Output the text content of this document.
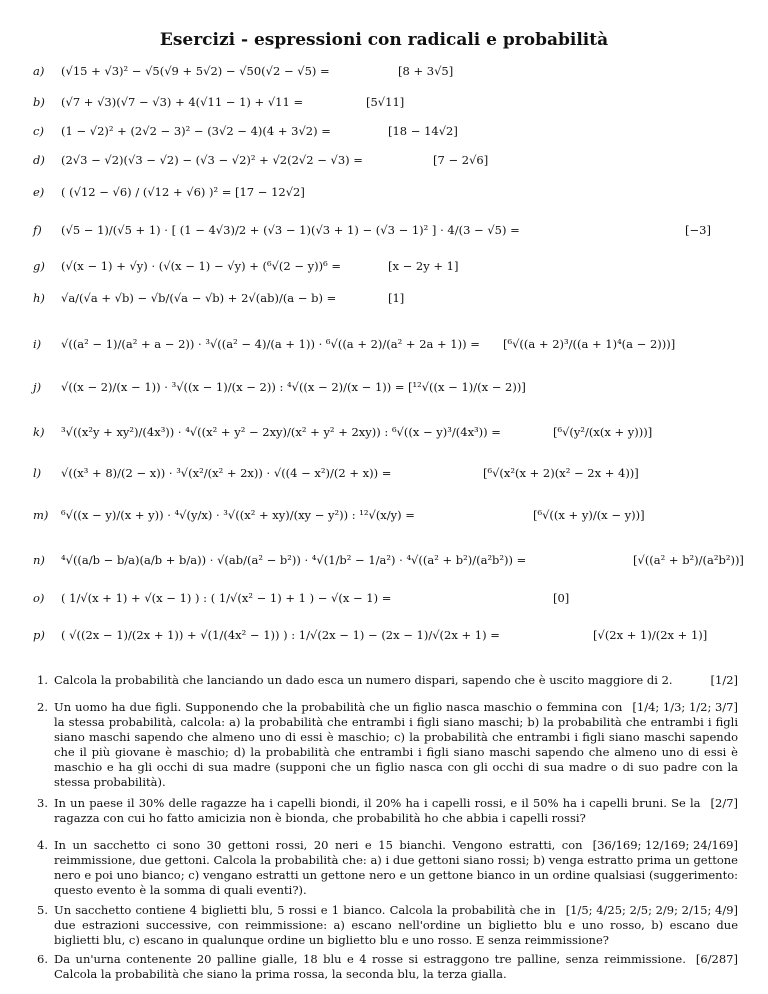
Esercizi - espressioni con radicali e probabilità
a) (√15 + √3)² − √5(√9 + 5√2) − √50(√2 − √5) =	[8 + 3√5]
b) (√7 + √3)(√7 − √3) + 4(√11 − 1) + √11 =	[5√11]
c) (1 − √2)² + (2√2 − 3)² − (3√2 − 4)(4 + 3√2) =	[18 − 14√2]
d) (2√3 − √2)(√3 − √2) − (√3 − √2)² + √2(2√2 − √3) =	[7 − 2√6]
e) ( (√12 − √6) / (√12 + √6) )² = [17 − 12√2]
f) (√5 − 1)/(√5 + 1) · [ (1 − 4√3)/2 + (√3 − 1)(√3 + 1) − (√3 − 1)² ] · 4/(3 − √5) =	[−3]
g) (√(x − 1) + √y) · (√(x − 1) − √y) + (⁶√(2 − y))⁶ =	[x − 2y + 1]
h) √a/(√a + √b) − √b/(√a − √b) + 2√(ab)/(a − b) =	[1]
i) √((a² − 1)/(a² + a − 2)) · ³√((a² − 4)/(a + 1)) · ⁶√((a + 2)/(a² + 2a + 1)) = [⁶√((a + 2)³/((a + 1)⁴(a − 2)))]
j) √((x − 2)/(x − 1)) · ³√((x − 1)/(x − 2)) : ⁴√((x − 2)/(x − 1)) = [¹²√((x − 1)/(x − 2))]
k) ³√((x²y + xy²)/(4x³)) · ⁴√((x² + y² − 2xy)/(x² + y² + 2xy)) : ⁶√((x − y)³/(4x³)) =	[⁶√(y²/(x(x + y)))]
l) √((x³ + 8)/(2 − x)) · ³√(x²/(x² + 2x)) · √((4 − x²)/(2 + x)) =	[⁶√(x²(x + 2)(x² − 2x + 4))]
m) ⁶√((x − y)/(x + y)) · ⁴√(y/x) · ³√((x² + xy)/(xy − y²)) : ¹²√(x/y) =	[⁶√((x + y)/(x − y))]
n) ⁴√((a/b − b/a)(a/b + b/a)) · √(ab/(a² − b²)) · ⁴√(1/b² − 1/a²) · ⁴√((a² + b²)/(a²b²)) =	[√((a² + b²)/(a²b²))]
o) ( 1/√(x + 1) + √(x − 1) ) : ( 1/√(x² − 1) + 1 ) − √(x − 1) =	[0]
p) ( √((2x − 1)/(2x + 1)) + √(1/(4x² − 1)) ) : 1/√(2x − 1) − (2x − 1)/√(2x + 1) =	[√(2x + 1)/(2x + 1)]
1.	[1/2]
Calcola la probabilità che lanciando un dado esca un numero dispari, sapendo che è uscito maggiore di 2.
2.	[1/4; 1/3; 1/2; 3/7]
Un uomo ha due figli. Supponendo che la probabilità che un figlio nasca maschio o femmina con la stessa probabilità, calcola: a) la probabilità che entrambi i figli siano maschi; b) la probabilità che entrambi i figli siano maschi sapendo che almeno uno di essi è maschio; c) la probabilità che entrambi i figli siano maschi sapendo che il più giovane è maschio; d) la probabilità che entrambi i figli siano maschi sapendo che almeno uno di essi è maschio e ha gli occhi di sua madre (supponi che un figlio nasca con gli occhi di sua madre o di suo padre con la stessa probabilità).
3.	[2/7]
In un paese il 30% delle ragazze ha i capelli biondi, il 20% ha i capelli rossi, e il 50% ha i capelli bruni. Se la ragazza con cui ho fatto amicizia non è bionda, che probabilità ho che abbia i capelli rossi?
4.	[36/169; 12/169; 24/169]
In un sacchetto ci sono 30 gettoni rossi, 20 neri e 15 bianchi. Vengono estratti, con reimmissione, due gettoni. Calcola la probabilità che: a) i due gettoni siano rossi; b) venga estratto prima un gettone nero e poi uno bianco; c) vengano estratti un gettone nero e un gettone bianco in un ordine qualsiasi (suggerimento: questo evento è la somma di quali eventi?).
5.	[1/5; 4/25; 2/5; 2/9; 2/15; 4/9]
Un sacchetto contiene 4 biglietti blu, 5 rossi e 1 bianco. Calcola la probabilità che in due estrazioni successive, con reimmissione: a) escano nell'ordine un biglietto blu e uno rosso, b) escano due biglietti blu, c) escano in qualunque ordine un biglietto blu e uno rosso. E senza reimmissione?
6.	[6/287]
Da un'urna contenente 20 palline gialle, 18 blu e 4 rosse si estraggono tre palline, senza reimmissione. Calcola la probabilità che siano la prima rossa, la seconda blu, la terza gialla.
